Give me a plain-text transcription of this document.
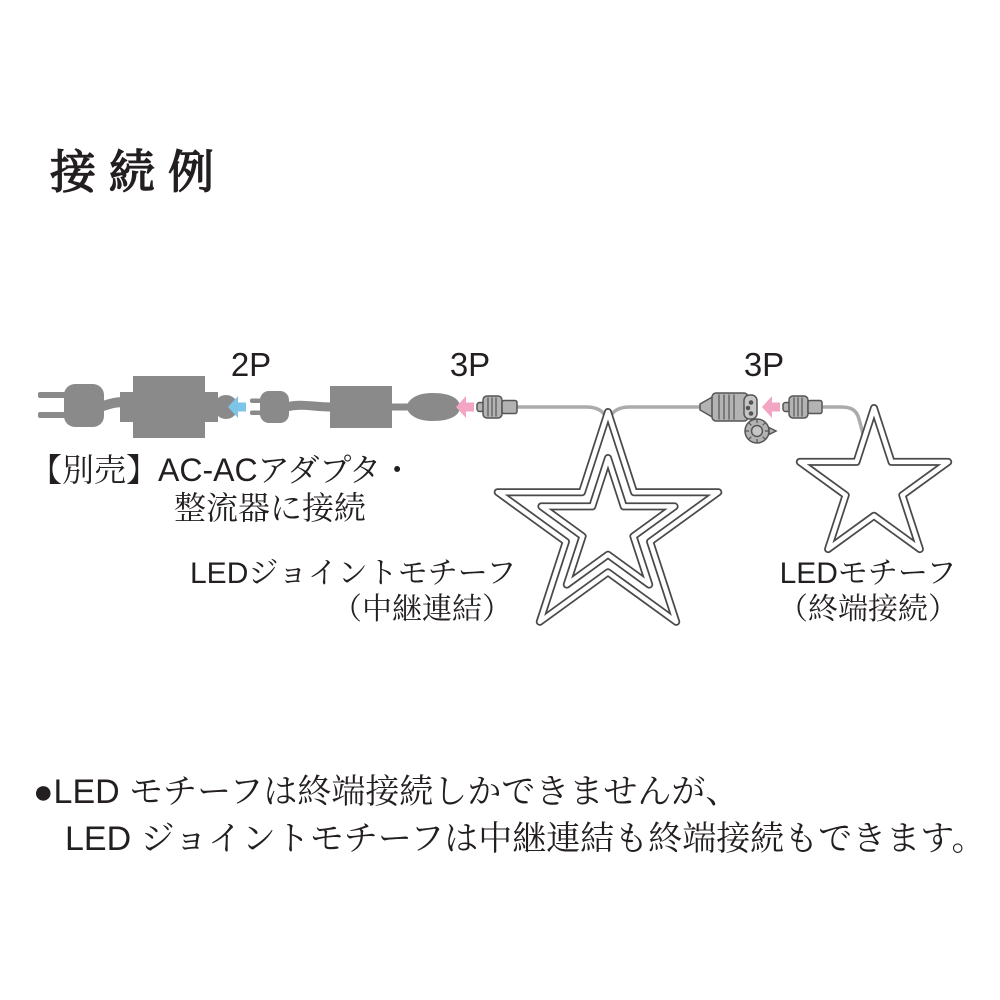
接続例
2P	3P	3P
【別売】AC-ACアダプタ・
整流器に接続
LEDジョイントモチーフ
（中継連結）
LEDモチーフ
（終端接続）
●LED モチーフは終端接続しかできませんが、
LED ジョイントモチーフは中継連結も終端接続もできます。
